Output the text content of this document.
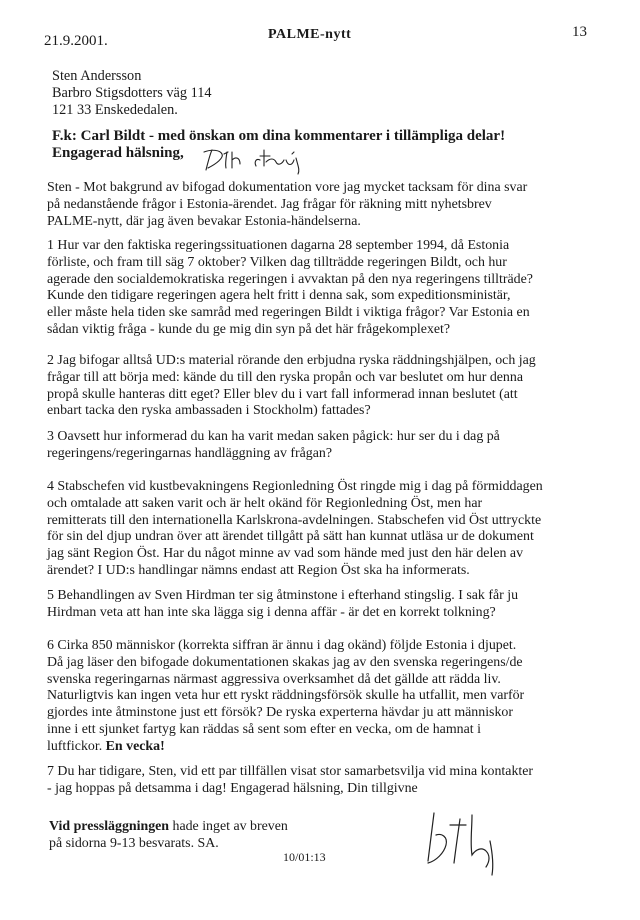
21.9.2001.	PALME-nytt	13
Sten Andersson
Barbro Stigsdotters väg 114
121 33 Enskededalen.
F.k: Carl Bildt - med önskan om dina kommentarer i tillämpliga delar!
Engagerad hälsning,
Sten - Mot bakgrund av bifogad dokumentation vore jag mycket tacksam för dina svar
på nedanstående frågor i Estonia-ärendet. Jag frågar för räkning mitt nyhetsbrev
PALME-nytt, där jag även bevakar Estonia-händelserna.
1 Hur var den faktiska regeringssituationen dagarna 28 september 1994, då Estonia
förliste, och fram till säg 7 oktober? Vilken dag tillträdde regeringen Bildt, och hur
agerade den socialdemokratiska regeringen i avvaktan på den nya regeringens tillträde?
Kunde den tidigare regeringen agera helt fritt i denna sak, som expeditionsministär,
eller måste hela tiden ske samråd med regeringen Bildt i viktiga frågor? Var Estonia en
sådan viktig fråga - kunde du ge mig din syn på det här frågekomplexet?
2 Jag bifogar alltså UD:s material rörande den erbjudna ryska räddningshjälpen, och jag
frågar till att börja med: kände du till den ryska propån och var beslutet om hur denna
propå skulle hanteras ditt eget? Eller blev du i vart fall informerad innan beslutet (att
enbart tacka den ryska ambassaden i Stockholm) fattades?
3 Oavsett hur informerad du kan ha varit medan saken pågick: hur ser du i dag på
regeringens/regeringarnas handläggning av frågan?
4 Stabschefen vid kustbevakningens Regionledning Öst ringde mig i dag på förmiddagen
och omtalade att saken varit och är helt okänd för Regionledning Öst, men har
remitterats till den internationella Karlskrona-avdelningen. Stabschefen vid Öst uttryckte
för sin del djup undran över att ärendet tillgått på sätt han kunnat utläsa ur de dokument
jag sänt Region Öst. Har du något minne av vad som hände med just den här delen av
ärendet? I UD:s handlingar nämns endast att Region Öst ska ha informerats.
5 Behandlingen av Sven Hirdman ter sig åtminstone i efterhand stingslig. I sak får ju
Hirdman veta att han inte ska lägga sig i denna affär - är det en korrekt tolkning?
6 Cirka 850 människor (korrekta siffran är ännu i dag okänd) följde Estonia i djupet.
Då jag läser den bifogade dokumentationen skakas jag av den svenska regeringens/de
svenska regeringarnas närmast aggressiva overksamhet då det gällde att rädda liv.
Naturligtvis kan ingen veta hur ett ryskt räddningsförsök skulle ha utfallit, men varför
gjordes inte åtminstone just ett försök? De ryska experterna hävdar ju att människor
inne i ett sjunket fartyg kan räddas så sent som efter en vecka, om de hamnat i
luftfickor. En vecka!
7 Du har tidigare, Sten, vid ett par tillfällen visat stor samarbetsvilja vid mina kontakter
- jag hoppas på detsamma i dag! Engagerad hälsning, Din tillgivne
Vid pressläggningen hade inget av breven
på sidorna 9-13 besvarats. SA.
10/01:13
